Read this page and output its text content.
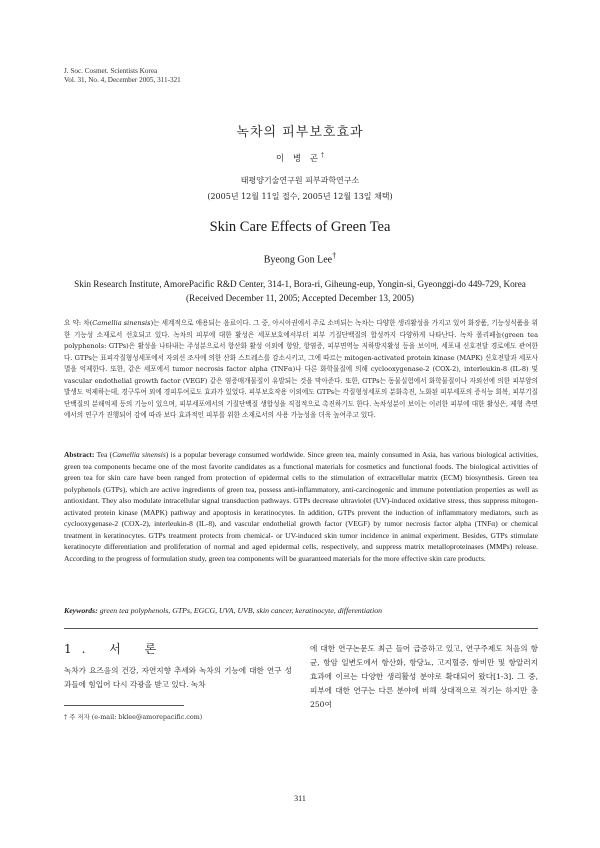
J. Soc. Cosmet. Scientists Korea
Vol. 31, No. 4, December 2005, 311-321
녹차의 피부보호효과
이 병 곤†
태평양기술연구원 피부과학연구소
(2005년 12월 11일 접수, 2005년 12월 13일 채택)
Skin Care Effects of Green Tea
Byeong Gon Lee†
Skin Research Institute, AmorePacific R&D Center, 314-1, Bora-ri, Giheung-eup, Yongin-si, Gyeonggi-do 449-729, Korea
(Received December 11, 2005; Accepted December 13, 2005)
요 약: 차(Camellia sinensis)는 세계적으로 애용되는 음료이다. 그 중, 아시아권에서 주로 소비되는 녹차는 다양한 생리활성을 가지고 있어 화장품, 기능성식품을 위한 기능성 소재로서 선호되고 있다. 녹차의 피부에 대한 활성은 세포보호에서부터 피부 기질단백질의 합성까지 다양하게 나타난다. 녹차 폴리페놀(green tea polyphenols: GTPs)은 활성을 나타내는 주성분으로서 항산화 활성 이외에 항암, 항염증, 피부면역능 저하방지활성 등을 보이며, 세포내 신호전달 경로에도 관여한다. GTPs는 표피각질형성세포에서 자외선 조사에 의한 산화 스트레스를 감소시키고, 그에 따르는 mitogen-activated protein kinase (MAPK) 신호전달과 세포사멸을 억제한다. 또한, 같은 세포에서 tumor necrosis factor alpha (TNFα)나 다른 화학물질에 의해 cyclooxygenase-2 (COX-2), interleukin-8 (IL-8) 및 vascular endothelial growth factor (VEGF) 같은 염증매개물질이 유발되는 것을 막아준다. 또한, GTPs는 동물실험에서 화학물질이나 자외선에 의한 피부암의 발생도 억제하는데, 경구투여 외에 경피투여로도 효과가 있었다. 피부보호작용 이외에도 GTPs는 각질형성세포의 분화촉진, 노화된 피부세포의 증식능 회복, 피부기질단백질의 분해억제 등의 기능이 있으며, 피부세포에서의 기질단백질 생합성을 직접적으로 촉진하기도 한다. 녹차성분이 보이는 이러한 피부에 대한 활성은, 제형 측면에서의 연구가 진행되어 감에 따라 보다 효과적인 피부를 위한 소재로서의 사용 가능성을 더욱 높여주고 있다.
Abstract: Tea (Camellia sinensis) is a popular beverage consumed worldwide. Since green tea, mainly consumed in Asia, has various biological activities, green tea components became one of the most favorite candidates as a functional materials for cosmetics and functional foods. The biological activities of green tea for skin care have been ranged from protection of epidermal cells to the stimulation of extracellular matrix (ECM) biosynthesis. Green tea polyphenols (GTPs), which are active ingredients of green tea, possess anti-inflammatory, anti-carcinogenic and immune potentiation properties as well as antioxidant. They also modulate intracellular signal transduction pathways. GTPs decrease ultraviolet (UV)-induced oxidative stress, thus suppress mitogen-activated protein kinase (MAPK) pathway and apoptosis in keratinocytes. In addition, GTPs prevent the induction of inflammatory mediators, such as cyclooxygenase-2 (COX-2), interleukin-8 (IL-8), and vascular endothelial growth factor (VEGF) by tumor necrosis factor alpha (TNFα) or chemical treatment in keratinocytes. GTPs treatment protects from chemical- or UV-induced skin tumor incidence in animal experiment. Besides, GTPs stimulate keratinocyte differentiation and proliferation of normal and aged epidermal cells, respectively, and suppress matrix metalloproteinases (MMPs) release. According to the progress of formulation study, green tea components will be guaranteed materials for the more effective skin care products.
Keywords: green tea polyphenols, GTPs, EGCG, UVA, UVB, skin cancer, keratinocyte, differentiation
1. 서 론
녹차가 요즈음의 건강, 자연지향 추세와 녹차의 기능에 대한 연구 성과들에 힘입어 다시 각광을 받고 있다. 녹차
에 대한 연구논문도 최근 들어 급증하고 있고, 연구주제도 처음의 항균, 항암 일변도에서 항산화, 항당뇨, 고지혈증, 항비만 및 항알러지 효과에 이르는 다양한 생리활성 분야로 확대되어 왔다[1-3]. 그 중, 피부에 대한 연구는 다른 분야에 비해 상대적으로 적기는 하지만 총 250여
† 주 저자 (e-mail: bklee@amorepacific.com)
311
